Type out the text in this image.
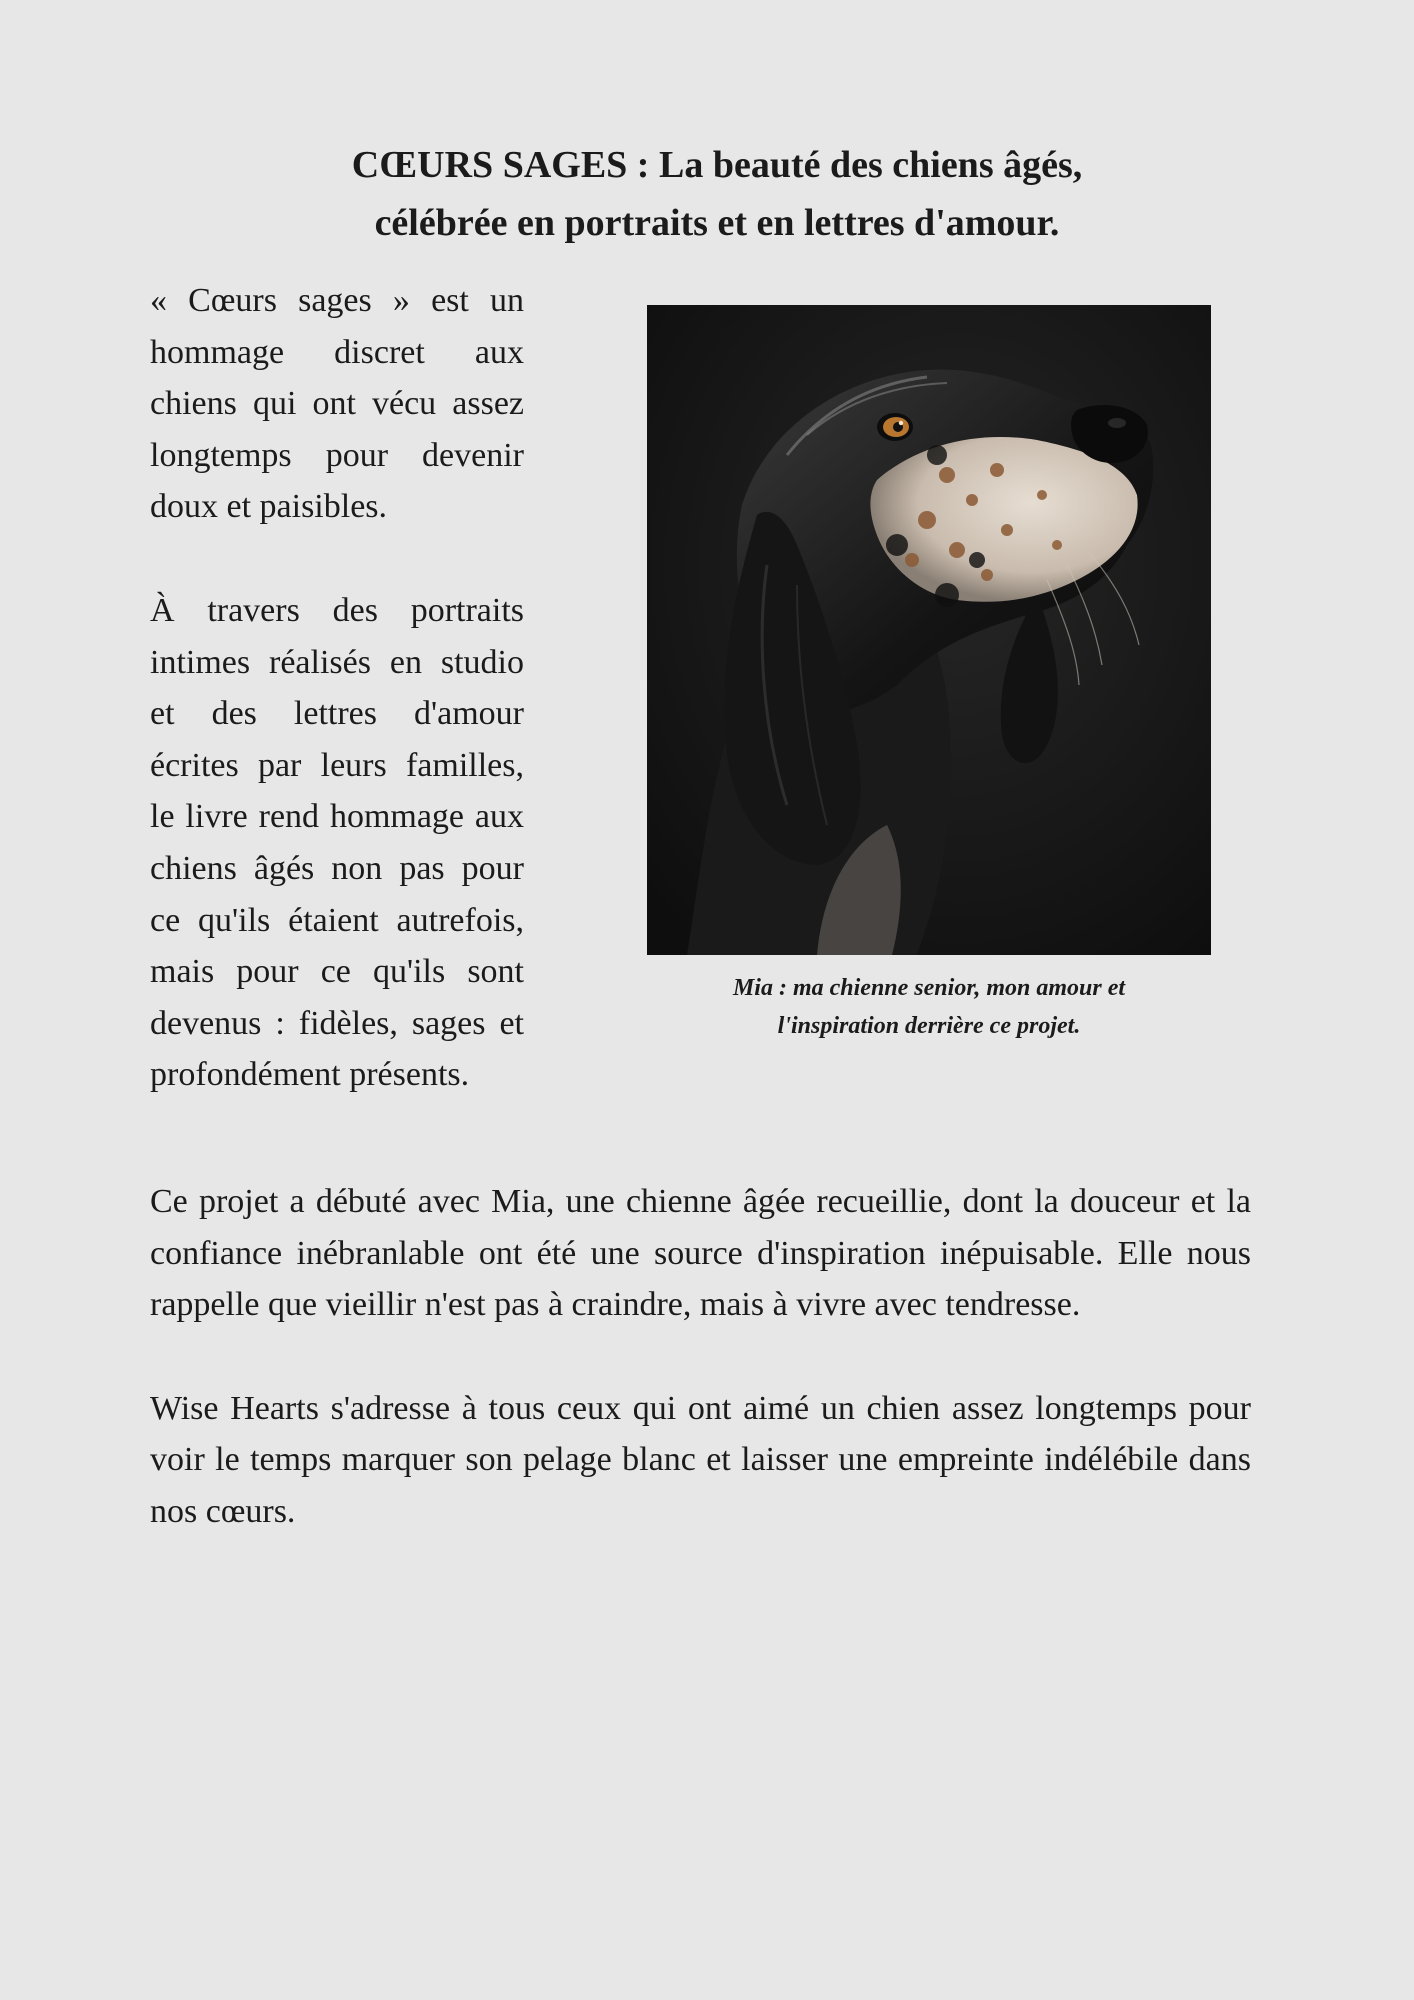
CŒURS SAGES : La beauté des chiens âgés,
célébrée en portraits et en lettres d'amour.

« Cœurs sages » est un hommage discret aux chiens qui ont vécu assez longtemps pour devenir doux et paisibles.

À travers des portraits intimes réalisés en studio et des lettres d'amour écrites par leurs familles, le livre rend hommage aux chiens âgés non pas pour ce qu'ils étaient autrefois, mais pour ce qu'ils sont devenus : fidèles, sages et profondément présents.

Mia : ma chienne senior, mon amour et
l'inspiration derrière ce projet.

Ce projet a débuté avec Mia, une chienne âgée recueillie, dont la douceur et la confiance inébranlable ont été une source d'inspiration inépuisable. Elle nous rappelle que vieillir n'est pas à craindre, mais à vivre avec tendresse.

Wise Hearts s'adresse à tous ceux qui ont aimé un chien assez longtemps pour voir le temps marquer son pelage blanc et laisser une empreinte indélébile dans nos cœurs.
